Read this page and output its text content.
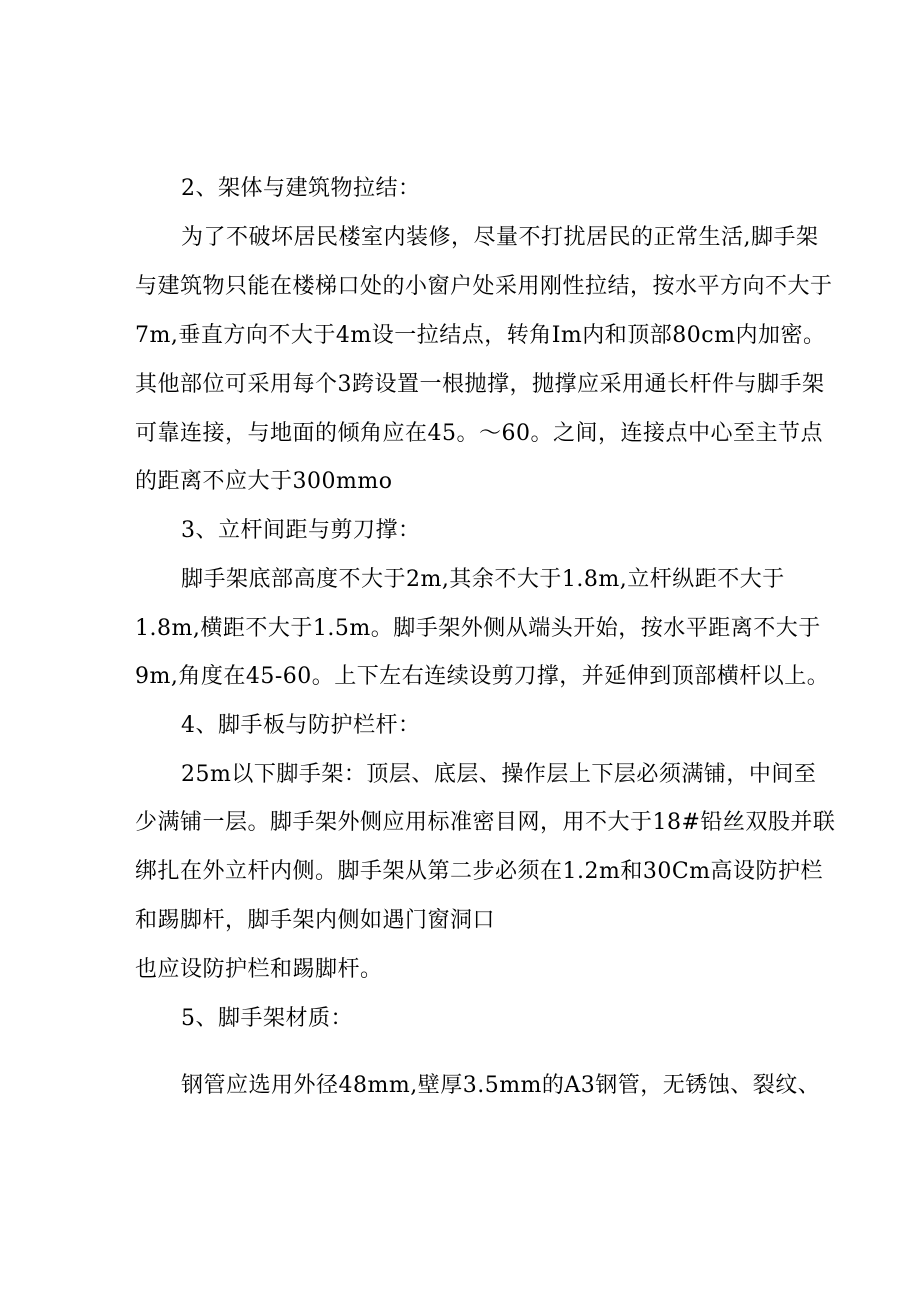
2、架体与建筑物拉结：
为了不破坏居民楼室内装修，尽量不打扰居民的正常生活,脚手架
与建筑物只能在楼梯口处的小窗户处采用刚性拉结，按水平方向不大于
7m,垂直方向不大于4m设一拉结点，转角Im内和顶部80cm内加密。
其他部位可采用每个3跨设置一根抛撑，抛撑应采用通长杆件与脚手架
可靠连接，与地面的倾角应在45。～60。之间，连接点中心至主节点
的距离不应大于300mmo
3、立杆间距与剪刀撑：
脚手架底部高度不大于2m,其余不大于1.8m,立杆纵距不大于
1.8m,横距不大于1.5m。脚手架外侧从端头开始，按水平距离不大于
9m,角度在45-60。上下左右连续设剪刀撑，并延伸到顶部横杆以上。
4、脚手板与防护栏杆：
25m以下脚手架：顶层、底层、操作层上下层必须满铺，中间至
少满铺一层。脚手架外侧应用标准密目网，用不大于18#铅丝双股并联
绑扎在外立杆内侧。脚手架从第二步必须在1.2m和30Cm高设防护栏
和踢脚杆，脚手架内侧如遇门窗洞口
也应设防护栏和踢脚杆。
5、脚手架材质：
钢管应选用外径48mm,壁厚3.5mm的A3钢管，无锈蚀、裂纹、
